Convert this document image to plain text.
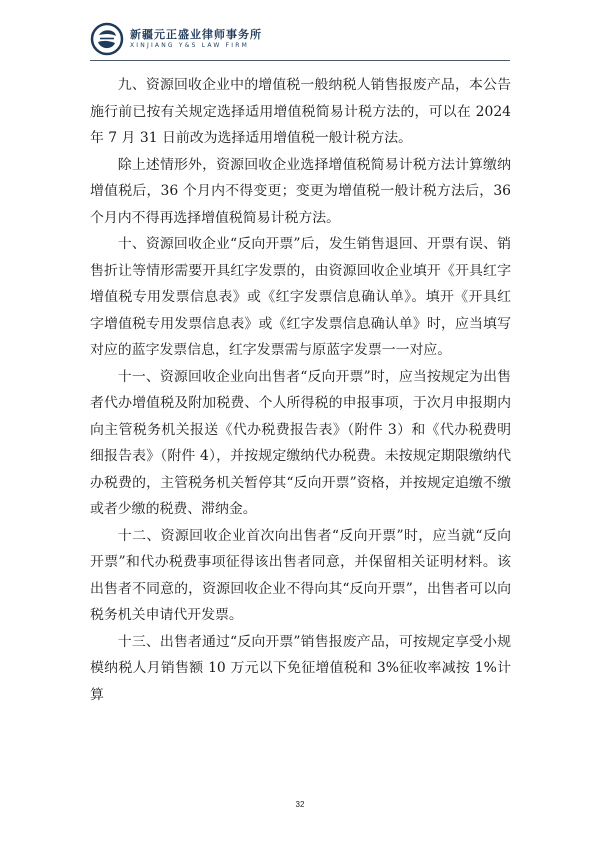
新疆元正盛业律师事务所
XINJIANG Y&S LAW FIRM

九、资源回收企业中的增值税一般纳税人销售报废产品，本公告施行前已按有关规定选择适用增值税简易计税方法的，可以在 2024 年 7 月 31 日前改为选择适用增值税一般计税方法。

除上述情形外，资源回收企业选择增值税简易计税方法计算缴纳增值税后，36 个月内不得变更；变更为增值税一般计税方法后，36 个月内不得再选择增值税简易计税方法。

十、资源回收企业“反向开票”后，发生销售退回、开票有误、销售折让等情形需要开具红字发票的，由资源回收企业填开《开具红字增值税专用发票信息表》或《红字发票信息确认单》。填开《开具红字增值税专用发票信息表》或《红字发票信息确认单》时，应当填写对应的蓝字发票信息，红字发票需与原蓝字发票一一对应。

十一、资源回收企业向出售者“反向开票”时，应当按规定为出售者代办增值税及附加税费、个人所得税的申报事项，于次月申报期内向主管税务机关报送《代办税费报告表》（附件 3）和《代办税费明细报告表》（附件 4），并按规定缴纳代办税费。未按规定期限缴纳代办税费的，主管税务机关暂停其“反向开票”资格，并按规定追缴不缴或者少缴的税费、滞纳金。

十二、资源回收企业首次向出售者“反向开票”时，应当就“反向开票”和代办税费事项征得该出售者同意，并保留相关证明材料。该出售者不同意的，资源回收企业不得向其“反向开票”，出售者可以向税务机关申请代开发票。

十三、出售者通过“反向开票”销售报废产品，可按规定享受小规模纳税人月销售额 10 万元以下免征增值税和 3%征收率减按 1%计算

32
